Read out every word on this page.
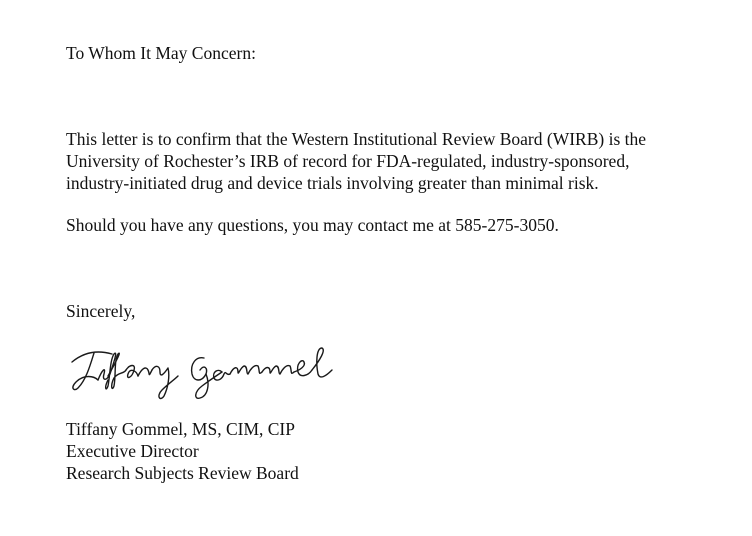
To Whom It May Concern:

This letter is to confirm that the Western Institutional Review Board (WIRB) is the
University of Rochester’s IRB of record for FDA-regulated, industry-sponsored,
industry-initiated drug and device trials involving greater than minimal risk.

Should you have any questions, you may contact me at 585-275-3050.

Sincerely,

Tiffany Gommel, MS, CIM, CIP
Executive Director
Research Subjects Review Board
